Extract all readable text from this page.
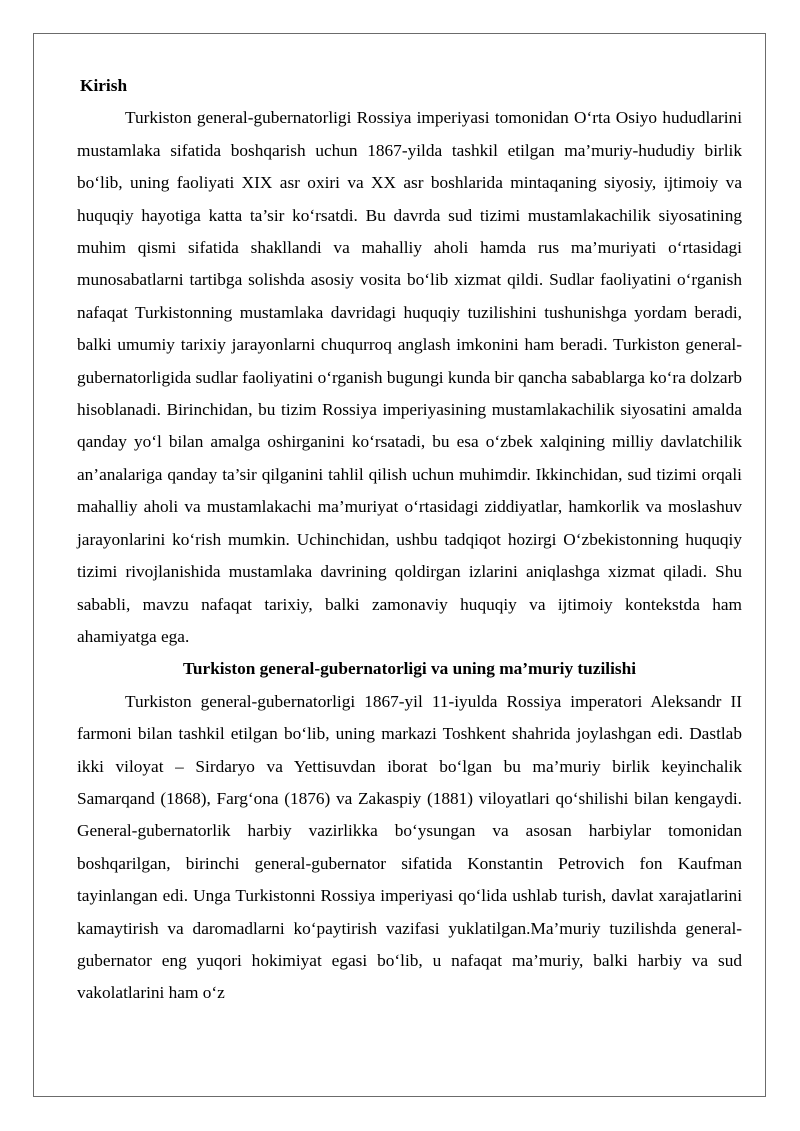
Kirish

Turkiston general-gubernatorligi Rossiya imperiyasi tomonidan O‘rta Osiyo hududlarini mustamlaka sifatida boshqarish uchun 1867-yilda tashkil etilgan ma’muriy-hududiy birlik bo‘lib, uning faoliyati XIX asr oxiri va XX asr boshlarida mintaqaning siyosiy, ijtimoiy va huquqiy hayotiga katta ta’sir ko‘rsatdi. Bu davrda sud tizimi mustamlakachilik siyosatining muhim qismi sifatida shakllandi va mahalliy aholi hamda rus ma’muriyati o‘rtasidagi munosabatlarni tartibga solishda asosiy vosita bo‘lib xizmat qildi. Sudlar faoliyatini o‘rganish nafaqat Turkistonning mustamlaka davridagi huquqiy tuzilishini tushunishga yordam beradi, balki umumiy tarixiy jarayonlarni chuqurroq anglash imkonini ham beradi. Turkiston general-gubernatorligida sudlar faoliyatini o‘rganish bugungi kunda bir qancha sabablarga ko‘ra dolzarb hisoblanadi. Birinchidan, bu tizim Rossiya imperiyasining mustamlakachilik siyosatini amalda qanday yo‘l bilan amalga oshirganini ko‘rsatadi, bu esa o‘zbek xalqining milliy davlatchilik an’analariga qanday ta’sir qilganini tahlil qilish uchun muhimdir. Ikkinchidan, sud tizimi orqali mahalliy aholi va mustamlakachi ma’muriyat o‘rtasidagi ziddiyatlar, hamkorlik va moslashuv jarayonlarini ko‘rish mumkin. Uchinchidan, ushbu tadqiqot hozirgi O‘zbekistonning huquqiy tizimi rivojlanishida mustamlaka davrining qoldirgan izlarini aniqlashga xizmat qiladi. Shu sababli, mavzu nafaqat tarixiy, balki zamonaviy huquqiy va ijtimoiy kontekstda ham ahamiyatga ega.

Turkiston general-gubernatorligi va uning ma’muriy tuzilishi

Turkiston general-gubernatorligi 1867-yil 11-iyulda Rossiya imperatori Aleksandr II farmoni bilan tashkil etilgan bo‘lib, uning markazi Toshkent shahrida joylashgan edi. Dastlab ikki viloyat – Sirdaryo va Yettisuvdan iborat bo‘lgan bu ma’muriy birlik keyinchalik Samarqand (1868), Farg‘ona (1876) va Zakaspiy (1881) viloyatlari qo‘shilishi bilan kengaydi. General-gubernatorlik harbiy vazirlikka bo‘ysungan va asosan harbiylar tomonidan boshqarilgan, birinchi general-gubernator sifatida Konstantin Petrovich fon Kaufman tayinlangan edi. Unga Turkistonni Rossiya imperiyasi qo‘lida ushlab turish, davlat xarajatlarini kamaytirish va daromadlarni ko‘paytirish vazifasi yuklatilgan.Ma’muriy tuzilishda general-gubernator eng yuqori hokimiyat egasi bo‘lib, u nafaqat ma’muriy, balki harbiy va sud vakolatlarini ham o‘z
